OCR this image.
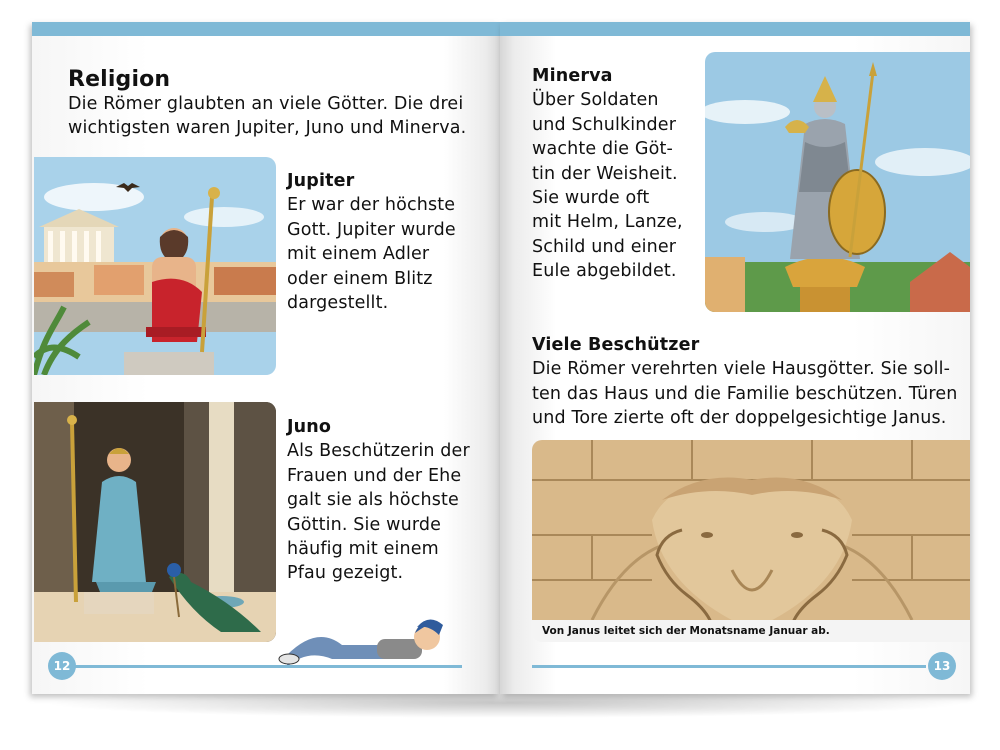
Religion
Die Römer glaubten an viele Götter. Die drei
wichtigsten waren Jupiter, Juno und Minerva.
Jupiter
Er war der höchste
Gott. Jupiter wurde
mit einem Adler
oder einem Blitz
dargestellt.
Juno
Als Beschützerin der
Frauen und der Ehe
galt sie als höchste
Göttin. Sie wurde
häufig mit einem
Pfau gezeigt.
12
Minerva
Über Soldaten
und Schulkinder
wachte die Göt-
tin der Weisheit.
Sie wurde oft
mit Helm, Lanze,
Schild und einer
Eule abgebildet.
Viele Beschützer
Die Römer verehrten viele Hausgötter. Sie soll-
ten das Haus und die Familie beschützen. Türen
und Tore zierte oft der doppelgesichtige Janus.
Von Janus leitet sich der Monatsname Januar ab.
13
